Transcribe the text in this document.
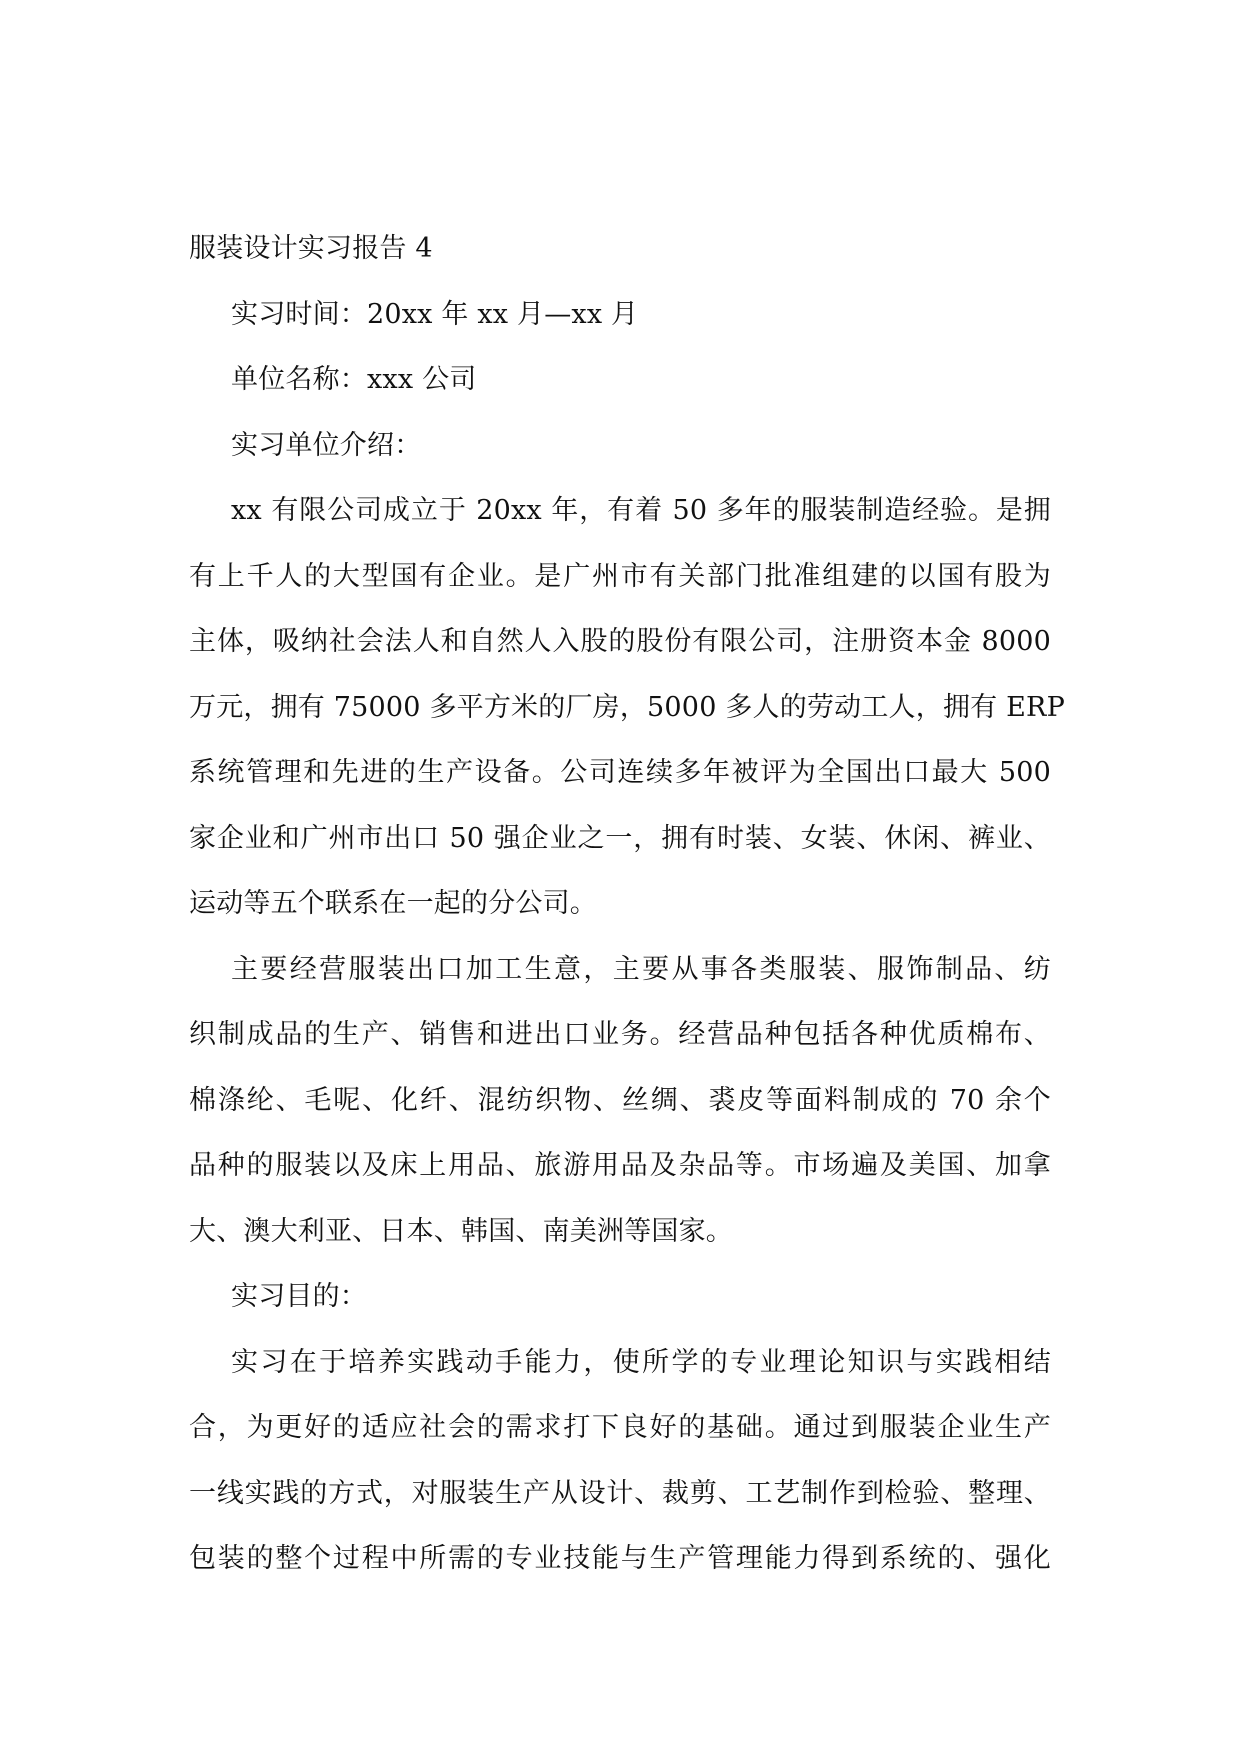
服装设计实习报告 4
实习时间：20xx 年 xx 月—xx 月
单位名称：xxx 公司
实习单位介绍：
xx 有限公司成立于 20xx 年，有着 50 多年的服装制造经验。是拥
有上千人的大型国有企业。是广州市有关部门批准组建的以国有股为
主体，吸纳社会法人和自然人入股的股份有限公司，注册资本金 8000
万元，拥有 75000 多平方米的厂房，5000 多人的劳动工人，拥有 ERP
系统管理和先进的生产设备。公司连续多年被评为全国出口最大 500
家企业和广州市出口 50 强企业之一，拥有时装、女装、休闲、裤业、
运动等五个联系在一起的分公司。
主要经营服装出口加工生意，主要从事各类服装、服饰制品、纺
织制成品的生产、销售和进出口业务。经营品种包括各种优质棉布、
棉涤纶、毛呢、化纤、混纺织物、丝绸、裘皮等面料制成的 70 余个
品种的服装以及床上用品、旅游用品及杂品等。市场遍及美国、加拿
大、澳大利亚、日本、韩国、南美洲等国家。
实习目的：
实习在于培养实践动手能力，使所学的专业理论知识与实践相结
合，为更好的适应社会的需求打下良好的基础。通过到服装企业生产
一线实践的方式，对服装生产从设计、裁剪、工艺制作到检验、整理、
包装的整个过程中所需的专业技能与生产管理能力得到系统的、强化
